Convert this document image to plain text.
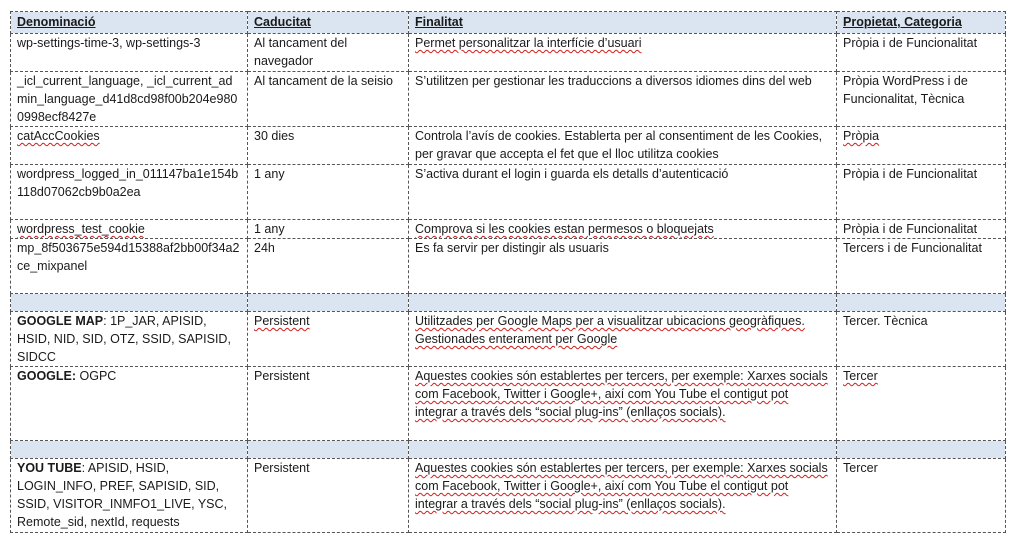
Denominació	Caducitat	Finalitat	Propietat, Categoria
wp-settings-time-3, wp-settings-3	Al tancament del navegador	Permet personalitzar la interfície d’usuari	Pròpia i de Funcionalitat
_icl_current_language, _icl_current_admin_language_d41d8cd98f00b204e9800998ecf8427e	Al tancament de la seisio	S’utilitzen per gestionar les traduccions a diversos idiomes dins del web	Pròpia WordPress i de Funcionalitat, Tècnica
catAccCookies	30 dies	Controla l’avís de cookies. Establerta per al consentiment de les Cookies, per gravar que accepta el fet que el lloc utilitza cookies	Pròpia
wordpress_logged_in_011147ba1e154b118d07062cb9b0a2ea	1 any	S’activa durant el login i guarda els detalls d’autenticació	Pròpia i de Funcionalitat
wordpress_test_cookie	1 any	Comprova si les cookies estan permesos o bloquejats	Pròpia i de Funcionalitat
mp_8f503675e594d15388af2bb00f34a2ce_mixpanel	24h	Es fa servir per distingir als usuaris	Tercers i de Funcionalitat

GOOGLE MAP: 1P_JAR, APISID, HSID, NID, SID, OTZ, SSID, SAPISID, SIDCC	Persistent	Utilitzades per Google Maps per a visualitzar ubicacions geogràfiques. Gestionades enterament per Google	Tercer. Tècnica
GOOGLE: OGPC	Persistent	Aquestes cookies són establertes per tercers, per exemple: Xarxes socials com Facebook, Twitter i Google+, així com You Tube el contigut pot integrar a través dels “social plug-ins” (enllaços socials).	Tercer

YOU TUBE: APISID, HSID, LOGIN_INFO, PREF, SAPISID, SID, SSID, VISITOR_INMFO1_LIVE, YSC, Remote_sid, nextId, requests	Persistent	Aquestes cookies són establertes per tercers, per exemple: Xarxes socials com Facebook, Twitter i Google+, així com You Tube el contigut pot integrar a través dels “social plug-ins” (enllaços socials).	Tercer
